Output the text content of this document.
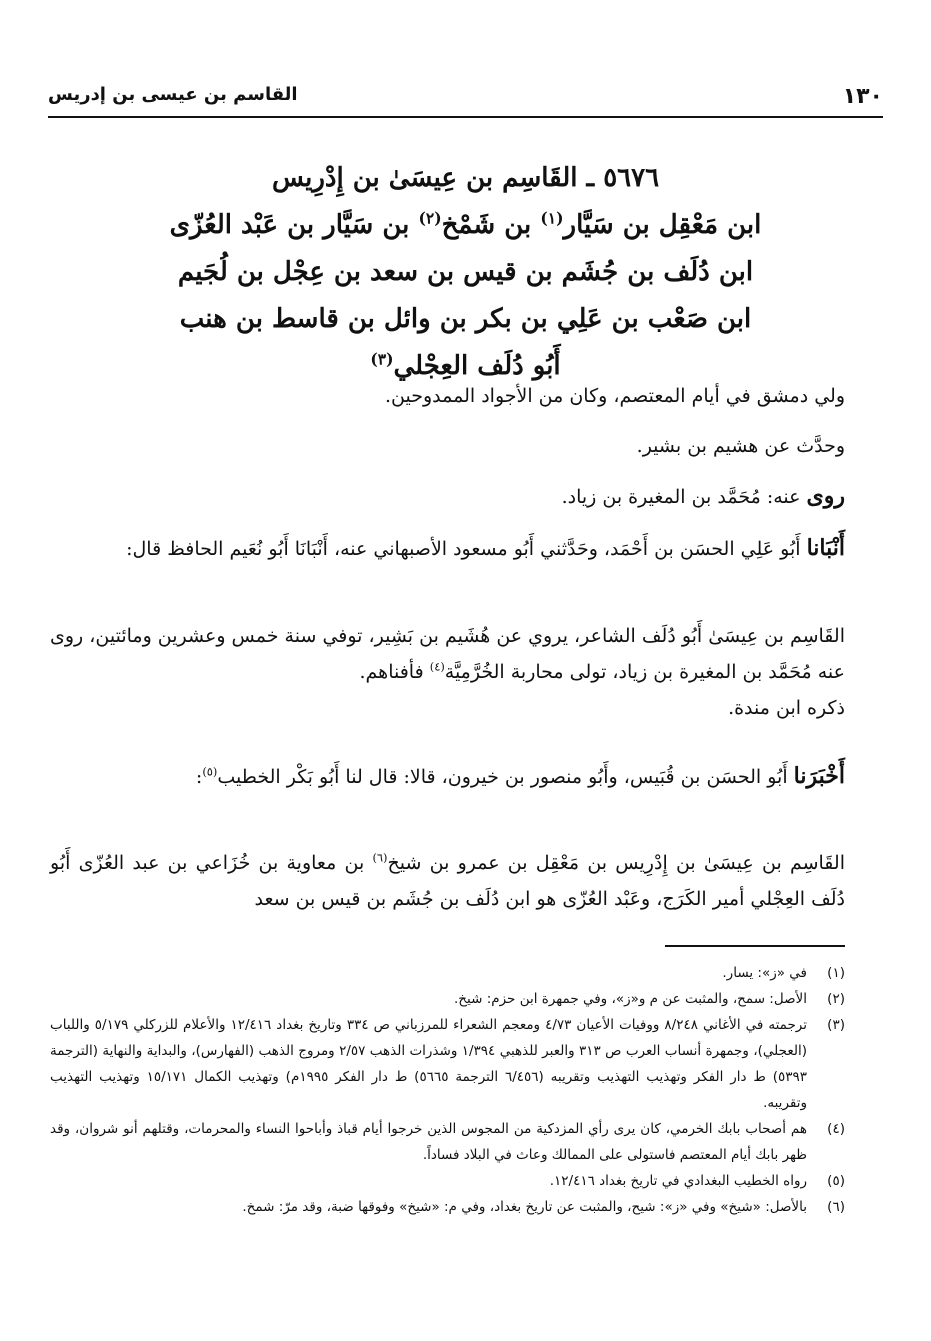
١٣٠
القاسم بن عيسى بن إدريس
٥٦٧٦ ـ القَاسِم بن عِيسَىٰ بن إِدْرِيس
ابن مَعْقِل بن سَيَّار$^{(١)}$ بن شَمْخ$^{(٢)}$ بن سَيَّار بن عَبْد العُزّى
ابن دُلَف بن جُشَم بن قيس بن سعد بن عِجْل بن لُجَيم
ابن صَعْب بن عَلِي بن بكر بن وائل بن قاسط بن هنب
أَبُو دُلَف العِجْلي$^{(٣)}$
ولي دمشق في أيام المعتصم، وكان من الأجواد الممدوحين.
وحدَّث عن هشيم بن بشير.
روى عنه: مُحَمَّد بن المغيرة بن زياد.
أَنْبَانا أَبُو عَلِي الحسَن بن أَحْمَد، وحَدَّثني أَبُو مسعود الأصبهاني عنه، أَنْبَانَا أَبُو نُعَيم الحافظ قال:
القَاسِم بن عِيسَىٰ أَبُو دُلَف الشاعر، يروي عن هُشَيم بن بَشِير، توفي سنة خمس وعشرين ومائتين، روى عنه مُحَمَّد بن المغيرة بن زياد، تولى محاربة الخُرَّمِيَّة$^{(٤)}$ فأفناهم.
ذكره ابن مندة.
أَخْبَرَنا أَبُو الحسَن بن قُبَيس، وأَبُو منصور بن خيرون، قالا: قال لنا أَبُو بَكْر الخطيب$^{(٥)}$:
القَاسِم بن عِيسَىٰ بن إِدْرِيس بن مَعْقِل بن عمرو بن شيخ$^{(٦)}$ بن معاوية بن خُزَاعي بن عبد العُزّى أَبُو دُلَف العِجْلي أمير الكَرَج، وعَبْد العُزّى هو ابن دُلَف بن جُشَم بن قيس بن سعد
(١)
في «ز»: يسار.
(٢)
الأصل: سمح، والمثبت عن م و«ز»، وفي جمهرة ابن حزم: شيخ.
(٣)
ترجمته في الأغاني ٨/٢٤٨ ووفيات الأعيان ٤/٧٣ ومعجم الشعراء للمرزباني ص ٣٣٤ وتاريخ بغداد ١٢/٤١٦ والأعلام للزركلي ٥/١٧٩ واللباب (العجلي)، وجمهرة أنساب العرب ص ٣١٣ والعبر للذهبي ١/٣٩٤ وشذرات الذهب ٢/٥٧ ومروج الذهب (الفهارس)، والبداية والنهاية (الترجمة ٥٣٩٣) ط دار الفكر وتهذيب التهذيب وتقريبه (٦/٤٥٦ الترجمة ٥٦٦٥) ط دار الفكر ١٩٩٥م) وتهذيب الكمال ١٥/١٧١ وتهذيب التهذيب وتقريبه.
(٤)
هم أصحاب بابك الخرمي، كان يرى رأي المزدكية من المجوس الذين خرجوا أيام قباذ وأباحوا النساء والمحرمات، وقتلهم أنو شروان، وقد ظهر بابك أيام المعتصم فاستولى على الممالك وعاث في البلاد فساداً.
(٥)
رواه الخطيب البغدادي في تاريخ بغداد ١٢/٤١٦.
(٦)
بالأصل: «شيخ» وفي «ز»: شيح، والمثبت عن تاريخ بغداد، وفي م: «شيخ» وفوقها ضبة، وقد مرّ: شمخ.
